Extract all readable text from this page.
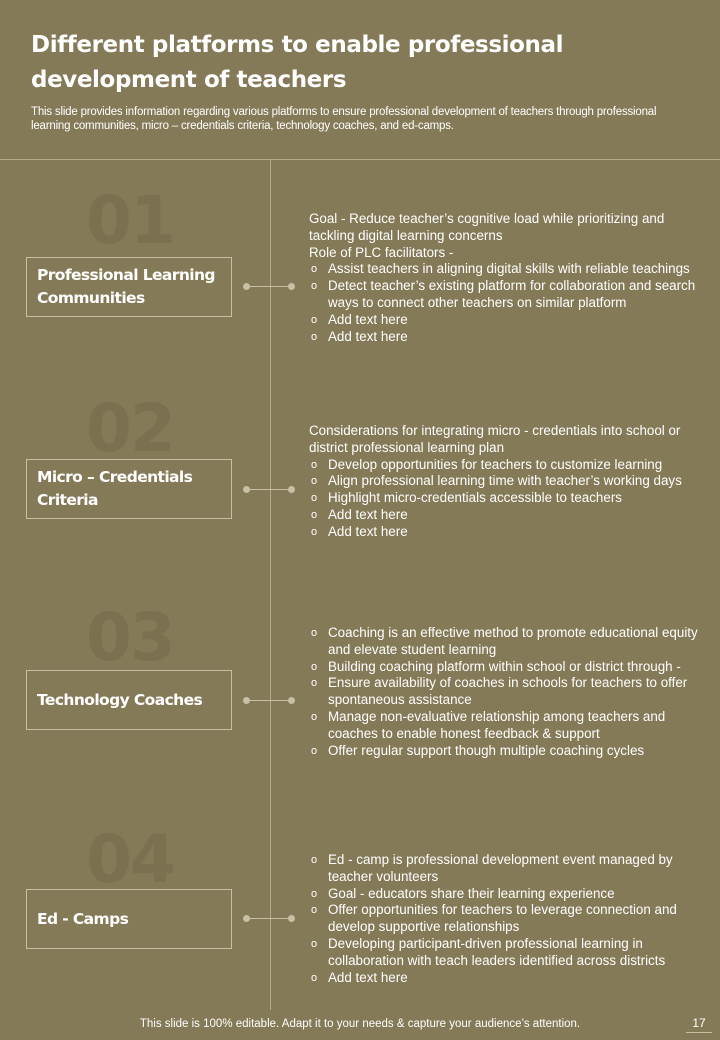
Different platforms to enable professional development of teachers
This slide provides information regarding various platforms to ensure professional development of teachers through professional learning communities, micro – credentials criteria, technology coaches, and ed-camps.
01
Professional Learning Communities

Goal - Reduce teacher’s cognitive load while prioritizing and tackling digital learning concerns

Role of PLC facilitators -

o Assist teachers in aligning digital skills with reliable teachings
o Detect teacher’s existing platform for collaboration and search ways to connect other teachers on similar platform
o Add text here
o Add text here
02
Micro – Credentials Criteria

Considerations for integrating micro - credentials into school or district professional learning plan

o Develop opportunities for teachers to customize learning
o Align professional learning time with teacher’s working days
o Highlight micro-credentials accessible to teachers
o Add text here
o Add text here
03
Technology Coaches
o Coaching is an effective method to promote educational equity and elevate student learning
o Building coaching platform within school or district through -
o Ensure availability of coaches in schools for teachers to offer spontaneous assistance
o Manage non-evaluative relationship among teachers and coaches to enable honest feedback & support
o Offer regular support though multiple coaching cycles
04
Ed - Camps
o Ed - camp is professional development event managed by teacher volunteers
o Goal - educators share their learning experience
o Offer opportunities for teachers to leverage connection and develop supportive relationships
o Developing participant-driven professional learning in collaboration with teach leaders identified across districts
o Add text here
This slide is 100% editable. Adapt it to your needs & capture your audience’s attention.	17
